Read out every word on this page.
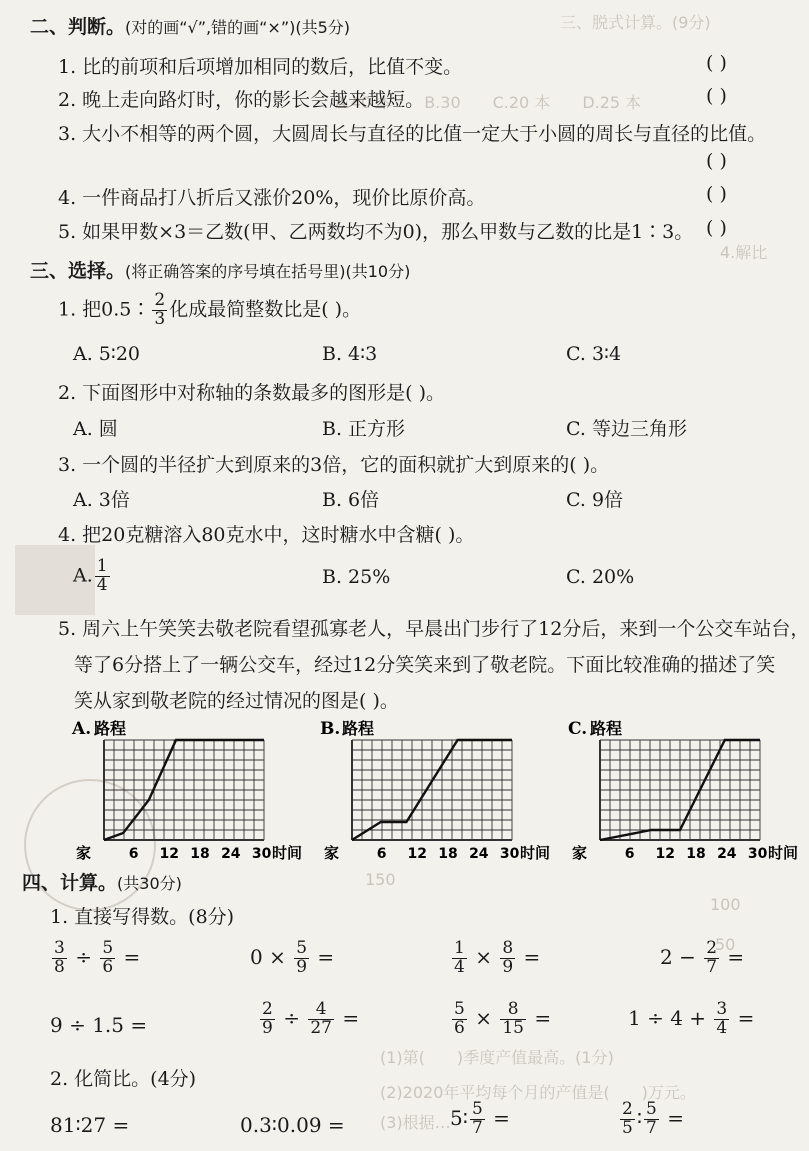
三、脱式计算。(9分)
A.40 本　　B.30　　C.20 本　　D.25 本
4.解比
150
100
50
(1)第(　　)季度产值最高。(1分)
(2)2020年平均每个月的产值是(　　)万元。
(3)根据…
二、判断。(对的画“√”,错的画“×”)(共5分)
1. 比的前项和后项增加相同的数后，比值不变。	( )
2. 晚上走向路灯时，你的影长会越来越短。	( )
3. 大小不相等的两个圆，大圆周长与直径的比值一定大于小圆的周长与直径的比值。
( )
4. 一件商品打八折后又涨价20%，现价比原价高。	( )
5. 如果甲数×3＝乙数(甲、乙两数均不为0)，那么甲数与乙数的比是1∶3。 ( )
三、选择。(将正确答案的序号填在括号里)(共10分)
1. 把0.5∶ $\frac{2}{3}$ 化成最简整数比是( )。
A. 5∶20	B. 4∶3	C. 3∶4
2. 下面图形中对称轴的条数最多的图形是( )。
A. 圆	B. 正方形	C. 等边三角形
3. 一个圆的半径扩大到原来的3倍，它的面积就扩大到原来的( )。
A. 3倍	B. 6倍	C. 9倍
4. 把20克糖溶入80克水中，这时糖水中含糖( )。
A. $\frac{1}{4}$	B. 25%	C. 20%
5. 周六上午笑笑去敬老院看望孤寡老人，早晨出门步行了12分后，来到一个公交车站台，
等了6分搭上了一辆公交车，经过12分笑笑来到了敬老院。下面比较准确的描述了笑
笑从家到敬老院的经过情况的图是( )。
A. 路程
家	6 12 18 24 30 时间
B. 路程
家	6 12 18 24 30 时间
C. 路程
家	6 12 18 24 30 时间
四、计算。(共30分)
1. 直接写得数。(8分)
$\frac{3}{8} \div \frac{5}{6}$ =	$0 \times \frac{5}{9}$ =	$\frac{1}{4} \times \frac{8}{9}$ =	$2 - \frac{2}{7}$ =
9 ÷ 1.5 =	$\frac{2}{9} \div \frac{4}{27}$ =	$\frac{5}{6} \times \frac{8}{15}$ =	$1 \div 4 + \frac{3}{4}$ =
2. 化简比。(4分)
81∶27 =	0.3∶0.09 =	5∶ $\frac{5}{7}$ =	$\frac{2}{5}$ ∶ $\frac{5}{7}$ =
